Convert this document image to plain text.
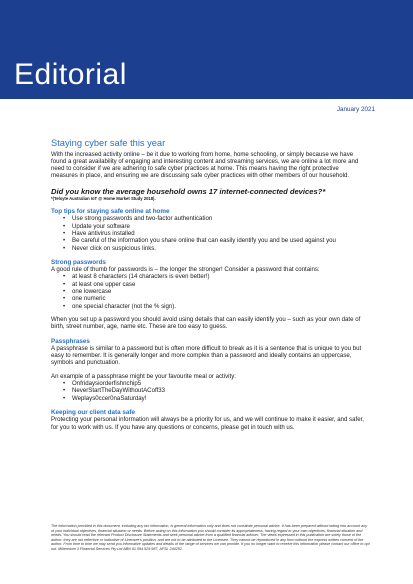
Editorial
January 2021
Staying cyber safe this year

With the increased activity online – be it due to working from home, home schooling, or simply because we have found a great availability of engaging and interesting content and streaming services, we are online a lot more and need to consider if we are adhering to safe cyber practices at home. This means having the right protective measures in place, and ensuring we are discussing safe cyber practices with other members of our household.

Did you know the average household owns 17 internet-connected devices?*
*(Telsyte Australian IoT @ Home Market Study 2018).
Top tips for staying safe online at home
• Use strong passwords and two-factor authentication
• Update your software
• Have antivirus installed
• Be careful of the information you share online that can easily identify you and be used against you
• Never click on suspicious links.
Strong passwords

A good rule of thumb for passwords is – the longer the stronger! Consider a password that contains:

• at least 8 characters (14 characters is even better!)
• at least one upper case
• one lowercase
• one numeric
• one special character (not the % sign).

When you set up a password you should avoid using details that can easily identify you – such as your own date of birth, street number, age, name etc. These are too easy to guess.

Passphrases

A passphrase is similar to a password but is often more difficult to break as it is a sentence that is unique to you but easy to remember. It is generally longer and more complex than a password and ideally contains an uppercase, symbols and punctuation.

An example of a passphrase might be your favourite meal or activity:

• Onfridaysiorderfishnchip5
• NeverStartTheDayWithoutACoff33
• Weplays0ccer0naSaturday!
Keeping our client data safe

Protecting your personal information will always be a priority for us, and we will continue to make it easier, and safer, for you to work with us. If you have any questions or concerns, please get in touch with us.

The information provided in this document, including any tax information, is general information only and does not constitute personal advice. It has been prepared without taking into account any of your individual objectives, financial situation or needs. Before acting on this information you should consider its appropriateness, having regard to your own objectives, financial situation and needs. You should read the relevant Product Disclosure Statements and seek personal advice from a qualified financial adviser. The views expressed in this publication are solely those of the author; they are not reflective or indicative of Licensee's position, and are not to be attributed to the Licensee. They cannot be reproduced in any form without the express written consent of the author. From time to time we may send you informative updates and details of the range of services we can provide. If you no longer want to receive this information please contact our office to opt out. Millennium 3 Financial Services Pty Ltd ABN 61 094 529 987, AFSL 244252.
